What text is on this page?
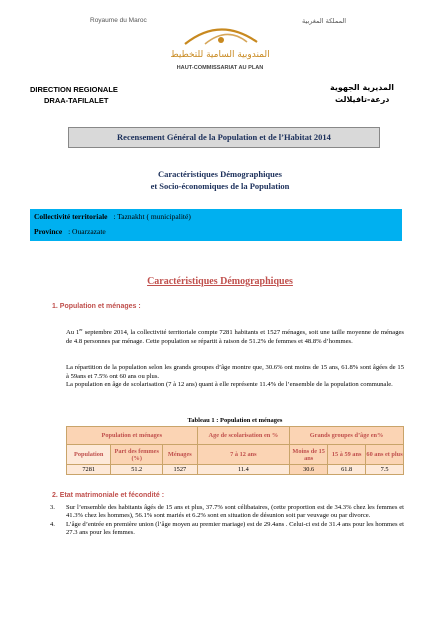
Royaume du Maroc	المملكة المغربية
المندوبية السامية للتخطيط
HAUT-COMMISSARIAT AU PLAN
DIRECTION REGIONALE
DRAA-TAFILALET
المديرية الجهوية
درعة-تافيلالت
Recensement Général de la Population et de l’Habitat 2014
Caractéristiques Démographiques
et Socio-économiques de la Population
Collectivité territoriale : Taznakht ( municipalité)
Province : Ouarzazate
Caractéristiques Démographiques
1. Population et ménages :

Au 1er septembre 2014, la collectivité territoriale compte 7281 habitants et 1527 ménages, soit une taille moyenne de ménages de 4.8 personnes par ménage. Cette population se répartit à raison de 51.2% de femmes et 48.8% d’hommes.

La répartition de la population selon les grands groupes d’âge montre que, 30.6% ont moins de 15 ans, 61.8% sont âgées de 15 à 59ans et 7.5% ont 60 ans ou plus.

La population en âge de scolarisation (7 à 12 ans) quant à elle représente 11.4% de l’ensemble de la population communale.

Tableau 1 : Population et ménages
Population et ménages			Age de scolarisation en %	Grands groupes d’âge en%		
Population	Part des femmes (%)	Ménages	7 à 12 ans	Moins de 15 ans	15 à 59 ans	60 ans et plus
7281	51.2	1527	11.4	30.6	61.8	7.5
2. Etat matrimoniale et fécondité :
3. Sur l’ensemble des habitants âgés de 15 ans et plus, 37.7% sont célibataires, (cette proportion est de 34.3% chez les femmes et 41.3% chez les hommes), 56.1% sont mariés et 6.2% sont en situation de désunion soit par veuvage ou par divorce.
4. L’âge d’entrée en première union (l’âge moyen au premier mariage) est de 29.4ans . Celui-ci est de 31.4 ans pour les hommes et 27.3 ans pour les femmes.
